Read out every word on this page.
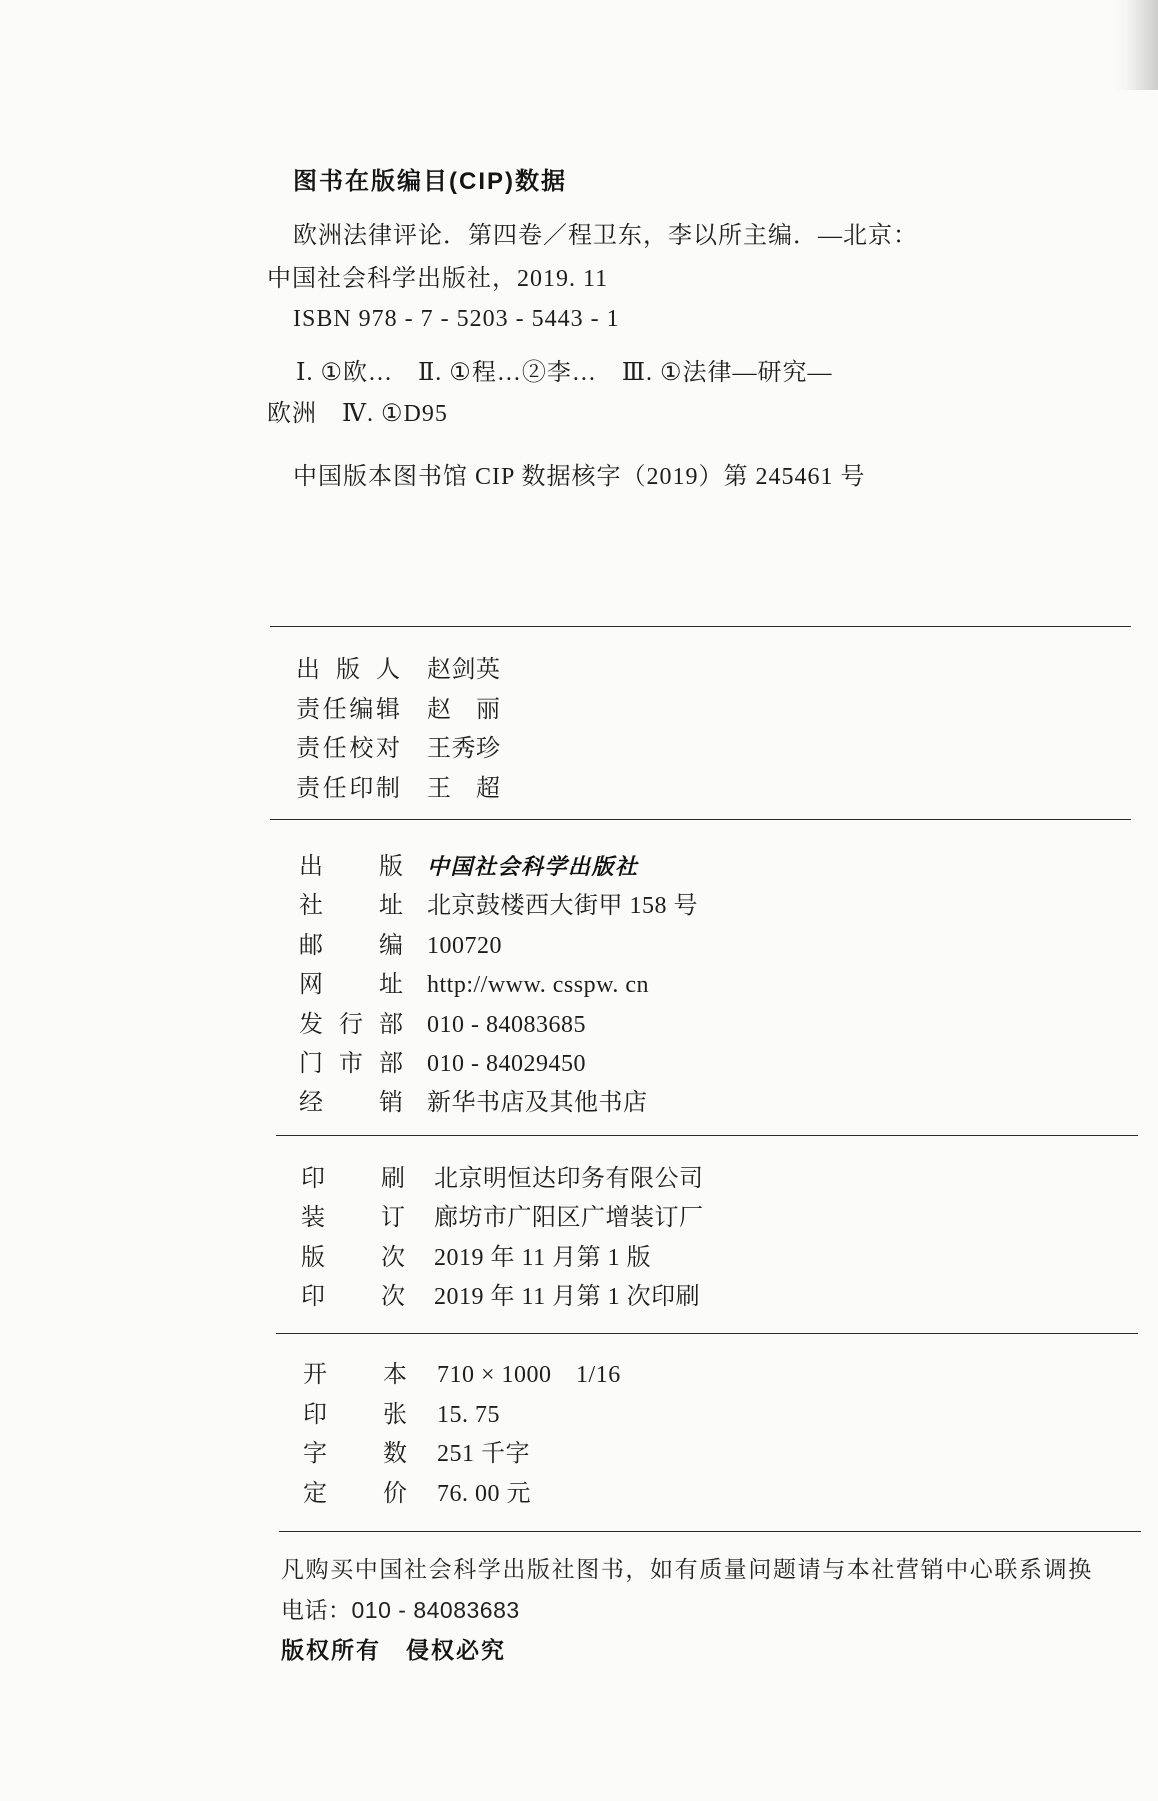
图书在版编目(CIP)数据
欧洲法律评论．第四卷／程卫东，李以所主编．—北京：
中国社会科学出版社，2019. 11
ISBN 978 - 7 - 5203 - 5443 - 1
Ⅰ. ①欧…　Ⅱ. ①程…②李…　Ⅲ. ①法律—研究—
欧洲　Ⅳ. ①D95
中国版本图书馆 CIP 数据核字（2019）第 245461 号
出版人 赵剑英
责任编辑 赵　丽
责任校对 王秀珍
责任印制 王　超
出版 中国社会科学出版社
社址 北京鼓楼西大街甲 158 号
邮编 100720
网址 http://www. csspw. cn
发行部 010 - 84083685
门市部 010 - 84029450
经销 新华书店及其他书店
印刷 北京明恒达印务有限公司
装订 廊坊市广阳区广增装订厂
版次 2019 年 11 月第 1 版
印次 2019 年 11 月第 1 次印刷
开本 710 × 1000　1/16
印张 15. 75
字数 251 千字
定价 76. 00 元
凡购买中国社会科学出版社图书，如有质量问题请与本社营销中心联系调换
电话：010 - 84083683
版权所有　侵权必究
